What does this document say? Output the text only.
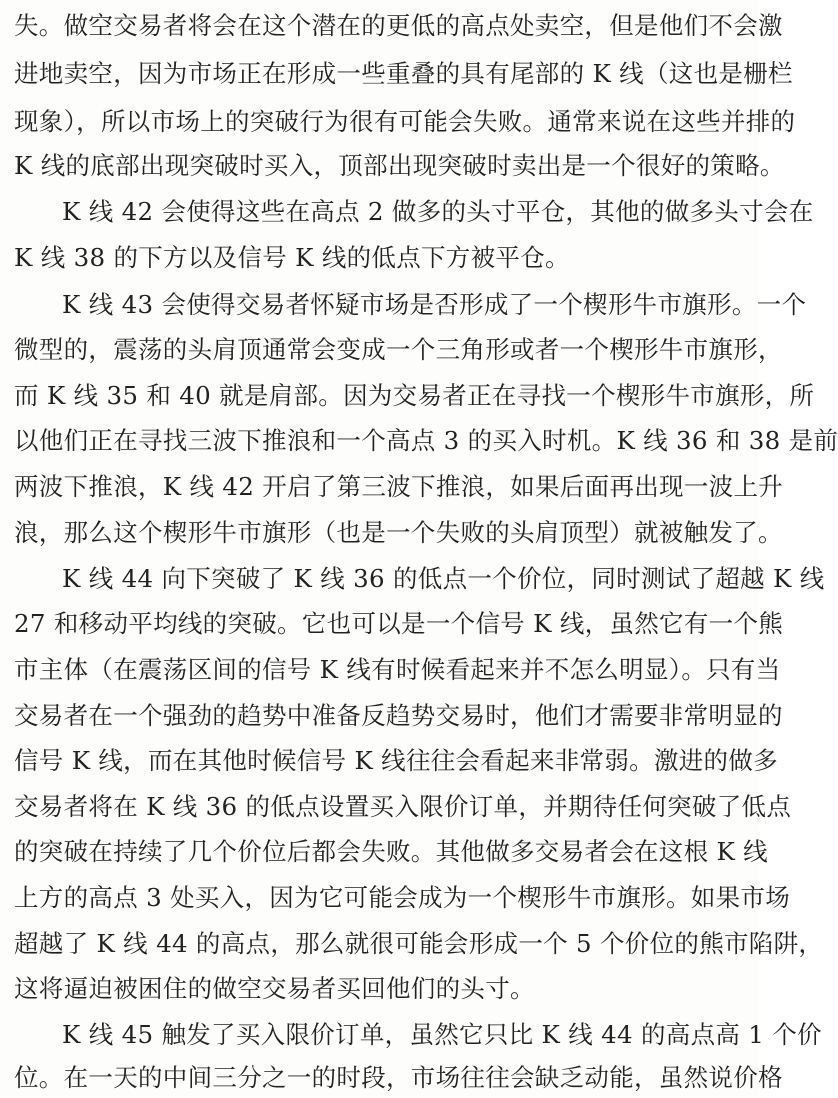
失。做空交易者将会在这个潜在的更低的高点处卖空，但是他们不会激
进地卖空，因为市场正在形成一些重叠的具有尾部的 K 线（这也是栅栏
现象），所以市场上的突破行为很有可能会失败。通常来说在这些并排的
K 线的底部出现突破时买入，顶部出现突破时卖出是一个很好的策略。
K 线 42 会使得这些在高点 2 做多的头寸平仓，其他的做多头寸会在
K 线 38 的下方以及信号 K 线的低点下方被平仓。
K 线 43 会使得交易者怀疑市场是否形成了一个楔形牛市旗形。一个
微型的，震荡的头肩顶通常会变成一个三角形或者一个楔形牛市旗形，
而 K 线 35 和 40 就是肩部。因为交易者正在寻找一个楔形牛市旗形，所
以他们正在寻找三波下推浪和一个高点 3 的买入时机。K 线 36 和 38 是前
两波下推浪，K 线 42 开启了第三波下推浪，如果后面再出现一波上升
浪，那么这个楔形牛市旗形（也是一个失败的头肩顶型）就被触发了。
K 线 44 向下突破了 K 线 36 的低点一个价位，同时测试了超越 K 线
27 和移动平均线的突破。它也可以是一个信号 K 线，虽然它有一个熊
市主体（在震荡区间的信号 K 线有时候看起来并不怎么明显）。只有当
交易者在一个强劲的趋势中准备反趋势交易时，他们才需要非常明显的
信号 K 线，而在其他时候信号 K 线往往会看起来非常弱。激进的做多
交易者将在 K 线 36 的低点设置买入限价订单，并期待任何突破了低点
的突破在持续了几个价位后都会失败。其他做多交易者会在这根 K 线
上方的高点 3 处买入，因为它可能会成为一个楔形牛市旗形。如果市场
超越了 K 线 44 的高点，那么就很可能会形成一个 5 个价位的熊市陷阱，
这将逼迫被困住的做空交易者买回他们的头寸。
K 线 45 触发了买入限价订单，虽然它只比 K 线 44 的高点高 1 个价
位。在一天的中间三分之一的时段，市场往往会缺乏动能，虽然说价格
